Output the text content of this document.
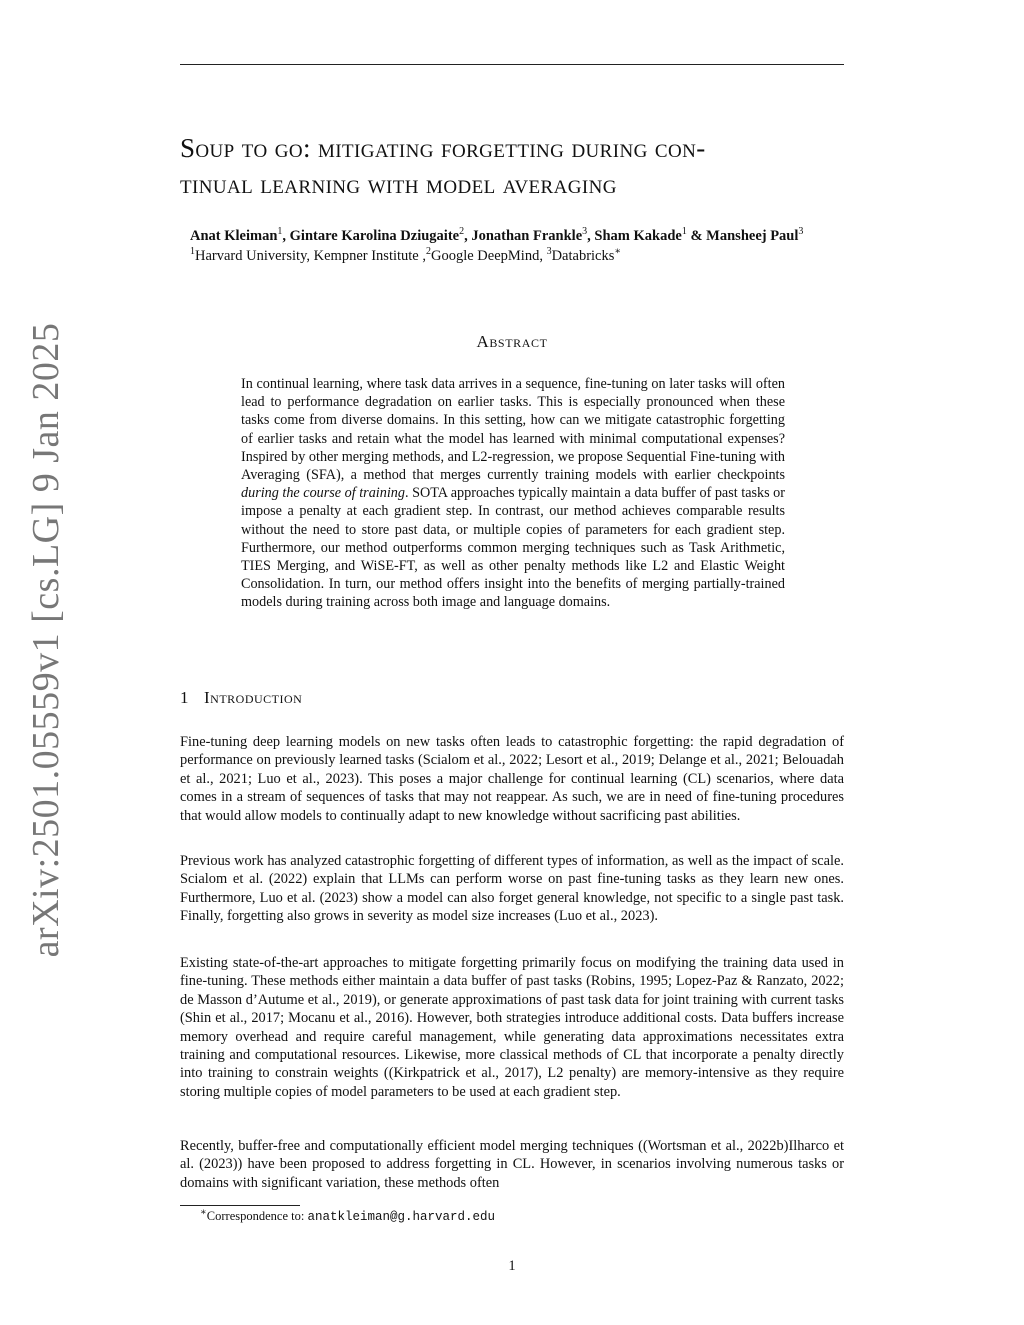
arXiv:2501.05559v1 [cs.LG] 9 Jan 2025
Soup to go: mitigating forgetting during con-
tinual learning with model averaging
Anat Kleiman$^1$, Gintare Karolina Dziugaite$^2$, Jonathan Frankle$^3$, Sham Kakade$^1$ & Mansheej Paul$^3$
$^1$Harvard University, Kempner Institute ,$^2$Google DeepMind, $^3$Databricks∗
Abstract
In continual learning, where task data arrives in a sequence, fine-tuning on later tasks will often lead to performance degradation on earlier tasks. This is especially pronounced when these tasks come from diverse domains. In this setting, how can we mitigate catastrophic forgetting of earlier tasks and retain what the model has learned with minimal computational expenses? Inspired by other merging methods, and L2-regression, we propose Sequential Fine-tuning with Averaging (SFA), a method that merges currently training models with earlier checkpoints during the course of training. SOTA approaches typically maintain a data buffer of past tasks or impose a penalty at each gradient step. In contrast, our method achieves comparable results without the need to store past data, or multiple copies of parameters for each gradient step. Furthermore, our method outperforms common merging techniques such as Task Arithmetic, TIES Merging, and WiSE-FT, as well as other penalty methods like L2 and Elastic Weight Consolidation. In turn, our method offers insight into the benefits of merging partially-trained models during training across both image and language domains.
1 Introduction
Fine-tuning deep learning models on new tasks often leads to catastrophic forgetting: the rapid degradation of performance on previously learned tasks (Scialom et al., 2022; Lesort et al., 2019; Delange et al., 2021; Belouadah et al., 2021; Luo et al., 2023). This poses a major challenge for continual learning (CL) scenarios, where data comes in a stream of sequences of tasks that may not reappear. As such, we are in need of fine-tuning procedures that would allow models to continually adapt to new knowledge without sacrificing past abilities.
Previous work has analyzed catastrophic forgetting of different types of information, as well as the impact of scale. Scialom et al. (2022) explain that LLMs can perform worse on past fine-tuning tasks as they learn new ones. Furthermore, Luo et al. (2023) show a model can also forget general knowledge, not specific to a single past task. Finally, forgetting also grows in severity as model size increases (Luo et al., 2023).
Existing state-of-the-art approaches to mitigate forgetting primarily focus on modifying the training data used in fine-tuning. These methods either maintain a data buffer of past tasks (Robins, 1995; Lopez-Paz & Ranzato, 2022; de Masson d’Autume et al., 2019), or generate approximations of past task data for joint training with current tasks (Shin et al., 2017; Mocanu et al., 2016). However, both strategies introduce additional costs. Data buffers increase memory overhead and require careful management, while generating data approximations necessitates extra training and computational resources. Likewise, more classical methods of CL that incorporate a penalty directly into training to constrain weights ((Kirkpatrick et al., 2017), L2 penalty) are memory-intensive as they require storing multiple copies of model parameters to be used at each gradient step.
Recently, buffer-free and computationally efficient model merging techniques ((Wortsman et al., 2022b)Ilharco et al. (2023)) have been proposed to address forgetting in CL. However, in scenarios involving numerous tasks or domains with significant variation, these methods often
∗Correspondence to: anatkleiman@g.harvard.edu
1
